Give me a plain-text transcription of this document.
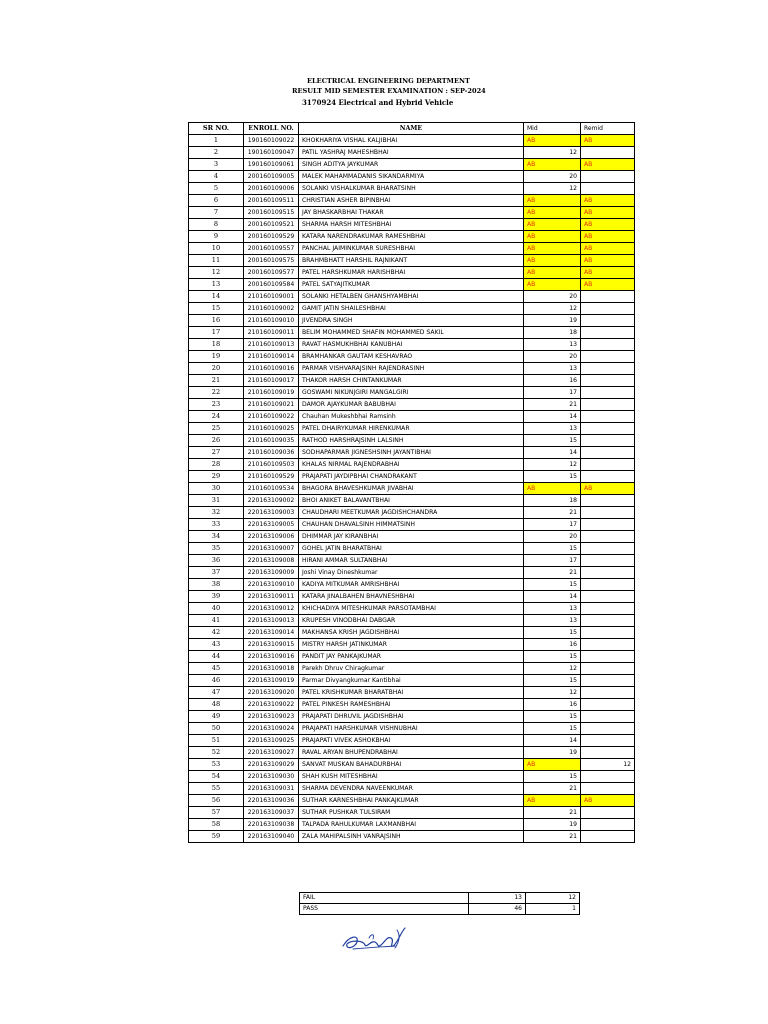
ELECTRICAL ENGINEERING DEPARTMENT
RESULT MID SEMESTER EXAMINATION : SEP-2024
3170924 Electrical and Hybrid Vehicle
SR NO.	ENROLL NO.	NAME	Mid	Remid
1	190160109022	KHOKHARIYA VISHAL KALJIBHAI	AB	AB
2	190160109047	PATIL YASHRAJ MAHESHBHAI	12	
3	190160109061	SINGH ADITYA JAYKUMAR	AB	AB
4	200160109005	MALEK MAHAMMADANIS SIKANDARMIYA	20	
5	200160109006	SOLANKI VISHALKUMAR BHARATSINH	12	
6	200160109511	CHRISTIAN ASHER BIPINBHAI	AB	AB
7	200160109515	JAY BHASKARBHAI THAKAR	AB	AB
8	200160109521	SHARMA HARSH MITESHBHAI	AB	AB
9	200160109529	KATARA NARENDRAKUMAR RAMESHBHAI	AB	AB
10	200160109557	PANCHAL JAIMINKUMAR SURESHBHAI	AB	AB
11	200160109575	BRAHMBHATT HARSHIL RAJNIKANT	AB	AB
12	200160109577	PATEL HARSHKUMAR HARISHBHAI	AB	AB
13	200160109584	PATEL SATYAJITKUMAR	AB	AB
14	210160109001	SOLANKI HETALBEN GHANSHYAMBHAI	20	
15	210160109002	GAMIT JATIN SHAILESHBHAI	12	
16	210160109010	JIVENDRA SINGH	19	
17	210160109011	BELIM MOHAMMED SHAFIN MOHAMMED SAKIL	18	
18	210160109013	RAVAT HASMUKHBHAI KANUBHAI	13	
19	210160109014	BRAMHANKAR GAUTAM KESHAVRAO	20	
20	210160109016	PARMAR VISHVARAJSINH RAJENDRASINH	13	
21	210160109017	THAKOR HARSH CHINTANKUMAR	16	
22	210160109019	GOSWAMI NIKUNJGIRI MANGALGIRI	17	
23	210160109021	DAMOR AJAYKUMAR BABUBHAI	21	
24	210160109022	Chauhan Mukeshbhai Ramsinh	14	
25	210160109025	PATEL DHAIRYKUMAR HIRENKUMAR	13	
26	210160109035	RATHOD HARSHRAJSINH LALSINH	15	
27	210160109036	SODHAPARMAR JIGNESHSINH JAYANTIBHAI	14	
28	210160109503	KHALAS NIRMAL RAJENDRABHAI	12	
29	210160109529	PRAJAPATI JAYDIPBHAI CHANDRAKANT	15	
30	210160109534	BHAGORA BHAVESHKUMAR JIVABHAI	AB	AB
31	220163109002	BHOI ANIKET BALAVANTBHAI	18	
32	220163109003	CHAUDHARI MEETKUMAR JAGDISHCHANDRA	21	
33	220163109005	CHAUHAN DHAVALSINH HIMMATSINH	17	
34	220163109006	DHIMMAR JAY KIRANBHAI	20	
35	220163109007	GOHEL JATIN BHARATBHAI	15	
36	220163109008	HIRANI AMMAR SULTANBHAI	17	
37	220163109009	Joshi Vinay Dineshkumar	21	
38	220163109010	KADIYA MITKUMAR AMRISHBHAI	15	
39	220163109011	KATARA JINALBAHEN BHAVNESHBHAI	14	
40	220163109012	KHICHADIYA MITESHKUMAR PARSOTAMBHAI	13	
41	220163109013	KRUPESH VINODBHAI DABGAR	13	
42	220163109014	MAKHANSA KRISH JAGDISHBHAI	15	
43	220163109015	MISTRY HARSH JATINKUMAR	16	
44	220163109016	PANDIT JAY PANKAJKUMAR	15	
45	220163109018	Parekh Dhruv Chiragkumar	12	
46	220163109019	Parmar Divyangkumar Kantibhai	15	
47	220163109020	PATEL KRISHKUMAR BHARATBHAI	12	
48	220163109022	PATEL PINKESH RAMESHBHAI	16	
49	220163109023	PRAJAPATI DHRUVIL JAGDISHBHAI	15	
50	220163109024	PRAJAPATI HARSHKUMAR VISHNUBHAI	15	
51	220163109025	PRAJAPATI VIVEK ASHOKBHAI	14	
52	220163109027	RAVAL ARYAN BHUPENDRABHAI	19	
53	220163109029	SANVAT MUSKAN BAHADURBHAI	AB	12
54	220163109030	SHAH KUSH MITESHBHAI	15	
55	220163109031	SHARMA DEVENDRA NAVEENKUMAR	21	
56	220163109036	SUTHAR KARNESHBHAI PANKAJKUMAR	AB	AB
57	220163109037	SUTHAR PUSHKAR TULSIRAM	21	
58	220163109038	TALPADA RAHULKUMAR LAXMANBHAI	19	
59	220163109040	ZALA MAHIPALSINH VANRAJSINH	21	
FAIL	13	12
PASS	46	1
